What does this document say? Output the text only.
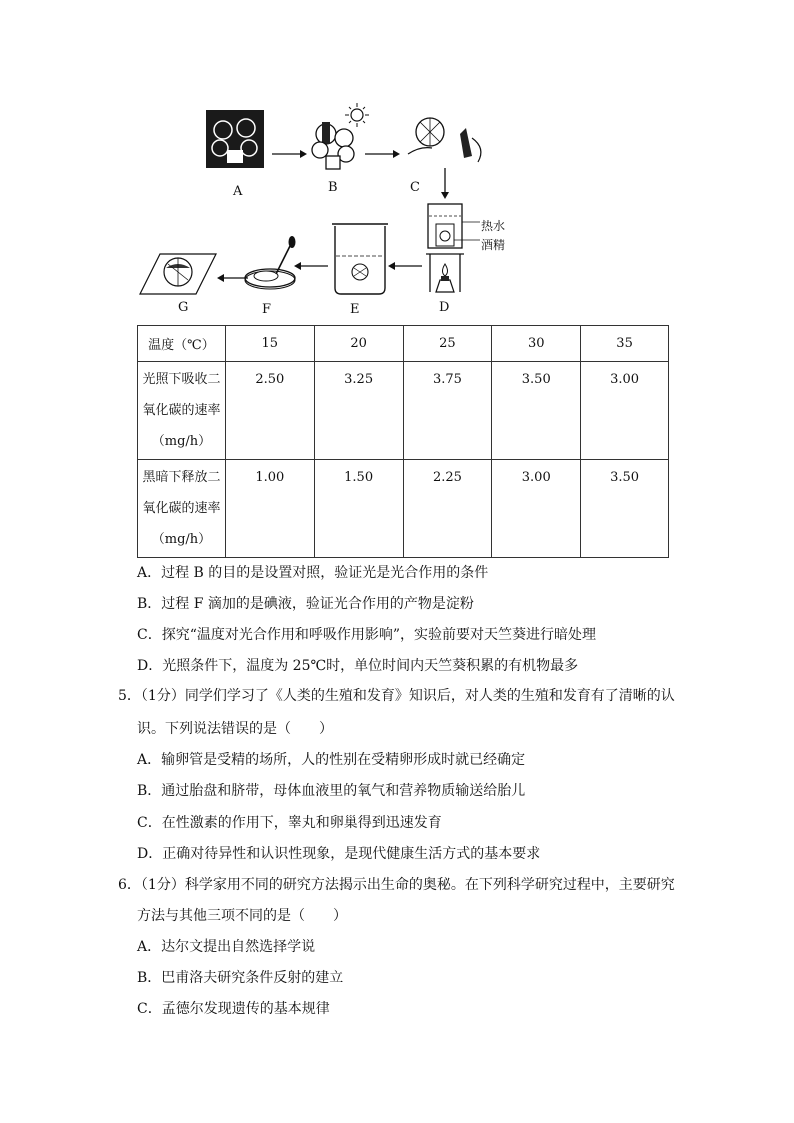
A	B	C
热水
酒精
D
E
F
G
温度（℃）	15	20	25	30	35

光照下吸收二
氧化碳的速率
（mg/h）	2.50	3.25	3.75	3.50	3.00

黑暗下释放二
氧化碳的速率
（mg/h）	1.00	1.50	2.25	3.00	3.50
A．过程 B 的目的是设置对照，验证光是光合作用的条件
B．过程 F 滴加的是碘液，验证光合作用的产物是淀粉
C．探究“温度对光合作用和呼吸作用影响”，实验前要对天竺葵进行暗处理
D．光照条件下，温度为 25℃时，单位时间内天竺葵积累的有机物最多
5．（1分）同学们学习了《人类的生殖和发育》知识后，对人类的生殖和发育有了清晰的认
识。下列说法错误的是（　　）
A．输卵管是受精的场所，人的性别在受精卵形成时就已经确定
B．通过胎盘和脐带，母体血液里的氧气和营养物质输送给胎儿
C．在性激素的作用下，睾丸和卵巢得到迅速发育
D．正确对待异性和认识性现象，是现代健康生活方式的基本要求
6．（1分）科学家用不同的研究方法揭示出生命的奥秘。在下列科学研究过程中，主要研究
方法与其他三项不同的是（　　）
A．达尔文提出自然选择学说
B．巴甫洛夫研究条件反射的建立
C．孟德尔发现遗传的基本规律
